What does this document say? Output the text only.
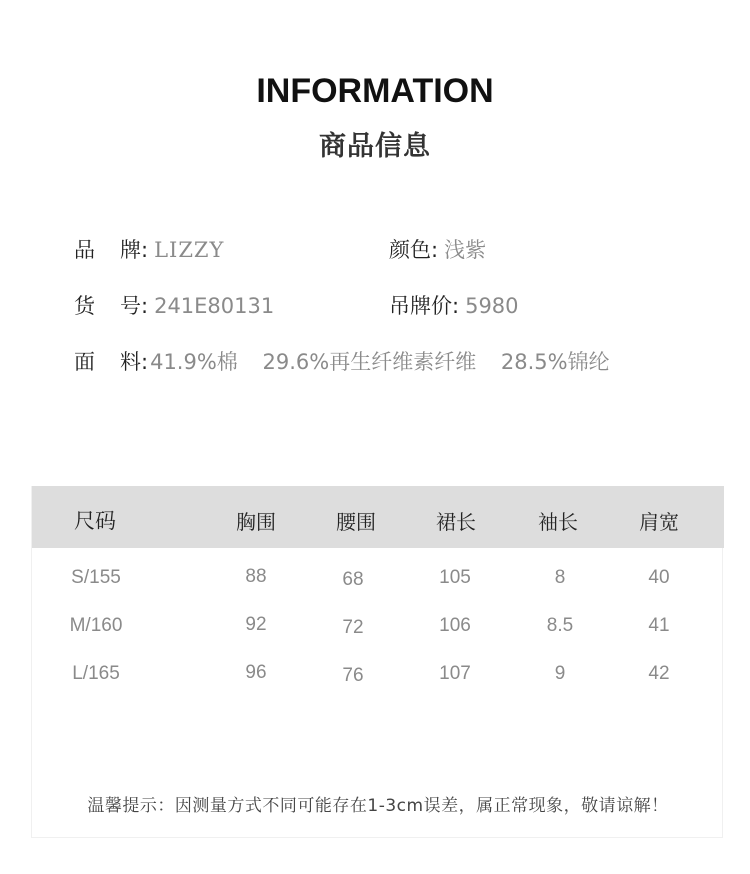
INFORMATION
商品信息
品	牌: LIZZY	颜色: 浅紫
货	号: 241E80131	吊牌价: 5980
面	料: 41.9%棉 29.6%再生纤维素纤维 28.5%锦纶
尺码	胸围	腰围	裙长	袖长	肩宽
S/155	88	68	105	8	40
M/160	92	72	106	8.5	41
L/165	96	76	107	9	42
温馨提示：因测量方式不同可能存在1-3cm误差，属正常现象，敬请谅解！
